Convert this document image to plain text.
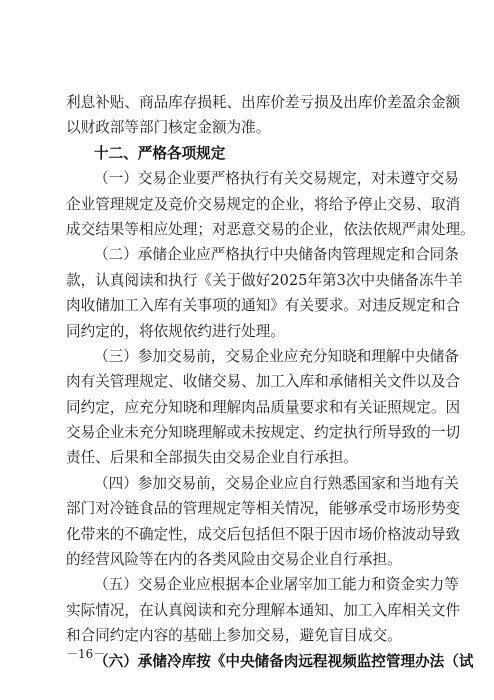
利息补贴、商品库存损耗、出库价差亏损及出库价差盈余金额
以财政部等部门核定金额为准。
十二、严格各项规定
（一）交易企业要严格执行有关交易规定，对未遵守交易
企业管理规定及竞价交易规定的企业，将给予停止交易、取消
成交结果等相应处理；对恶意交易的企业，依法依规严肃处理。
（二）承储企业应严格执行中央储备肉管理规定和合同条
款，认真阅读和执行《关于做好2025年第3次中央储备冻牛羊
肉收储加工入库有关事项的通知》有关要求。对违反规定和合
同约定的，将依规依约进行处理。
（三）参加交易前，交易企业应充分知晓和理解中央储备
肉有关管理规定、收储交易、加工入库和承储相关文件以及合
同约定，应充分知晓和理解肉品质量要求和有关证照规定。因
交易企业未充分知晓理解或未按规定、约定执行所导致的一切
责任、后果和全部损失由交易企业自行承担。
（四）参加交易前，交易企业应自行熟悉国家和当地有关
部门对冷链食品的管理规定等相关情况，能够承受市场形势变
化带来的不确定性，成交后包括但不限于因市场价格波动导致
的经营风险等在内的各类风险由交易企业自行承担。
（五）交易企业应根据本企业屠宰加工能力和资金实力等
实际情况，在认真阅读和充分理解本通知、加工入库相关文件
和合同约定内容的基础上参加交易，避免盲目成交。
（六）承储冷库按《中央储备肉远程视频监控管理办法（试
－16－
